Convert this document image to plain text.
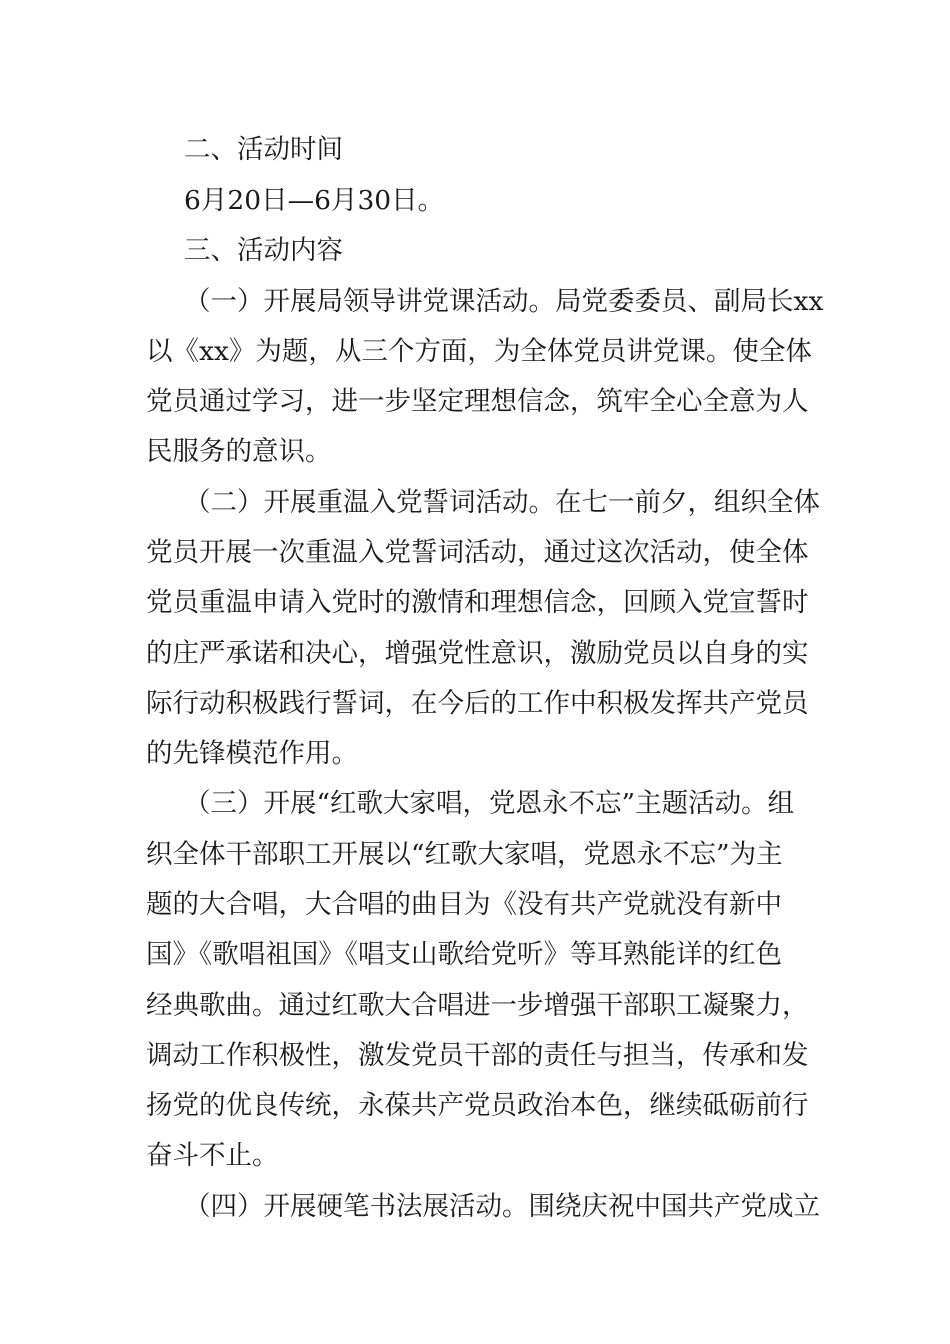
二、活动时间
6月20日—6月30日。
三、活动内容
（一）开展局领导讲党课活动。局党委委员、副局长xx
以《xx》为题，从三个方面，为全体党员讲党课。使全体
党员通过学习，进一步坚定理想信念，筑牢全心全意为人
民服务的意识。
（二）开展重温入党誓词活动。在七一前夕，组织全体
党员开展一次重温入党誓词活动，通过这次活动，使全体
党员重温申请入党时的激情和理想信念，回顾入党宣誓时
的庄严承诺和决心，增强党性意识，激励党员以自身的实
际行动积极践行誓词，在今后的工作中积极发挥共产党员
的先锋模范作用。
（三）开展“红歌大家唱，党恩永不忘”主题活动。组
织全体干部职工开展以“红歌大家唱，党恩永不忘”为主
题的大合唱，大合唱的曲目为《没有共产党就没有新中
国》《歌唱祖国》《唱支山歌给党听》等耳熟能详的红色
经典歌曲。通过红歌大合唱进一步增强干部职工凝聚力，
调动工作积极性，激发党员干部的责任与担当，传承和发
扬党的优良传统，永葆共产党员政治本色，继续砥砺前行
奋斗不止。
（四）开展硬笔书法展活动。围绕庆祝中国共产党成立
